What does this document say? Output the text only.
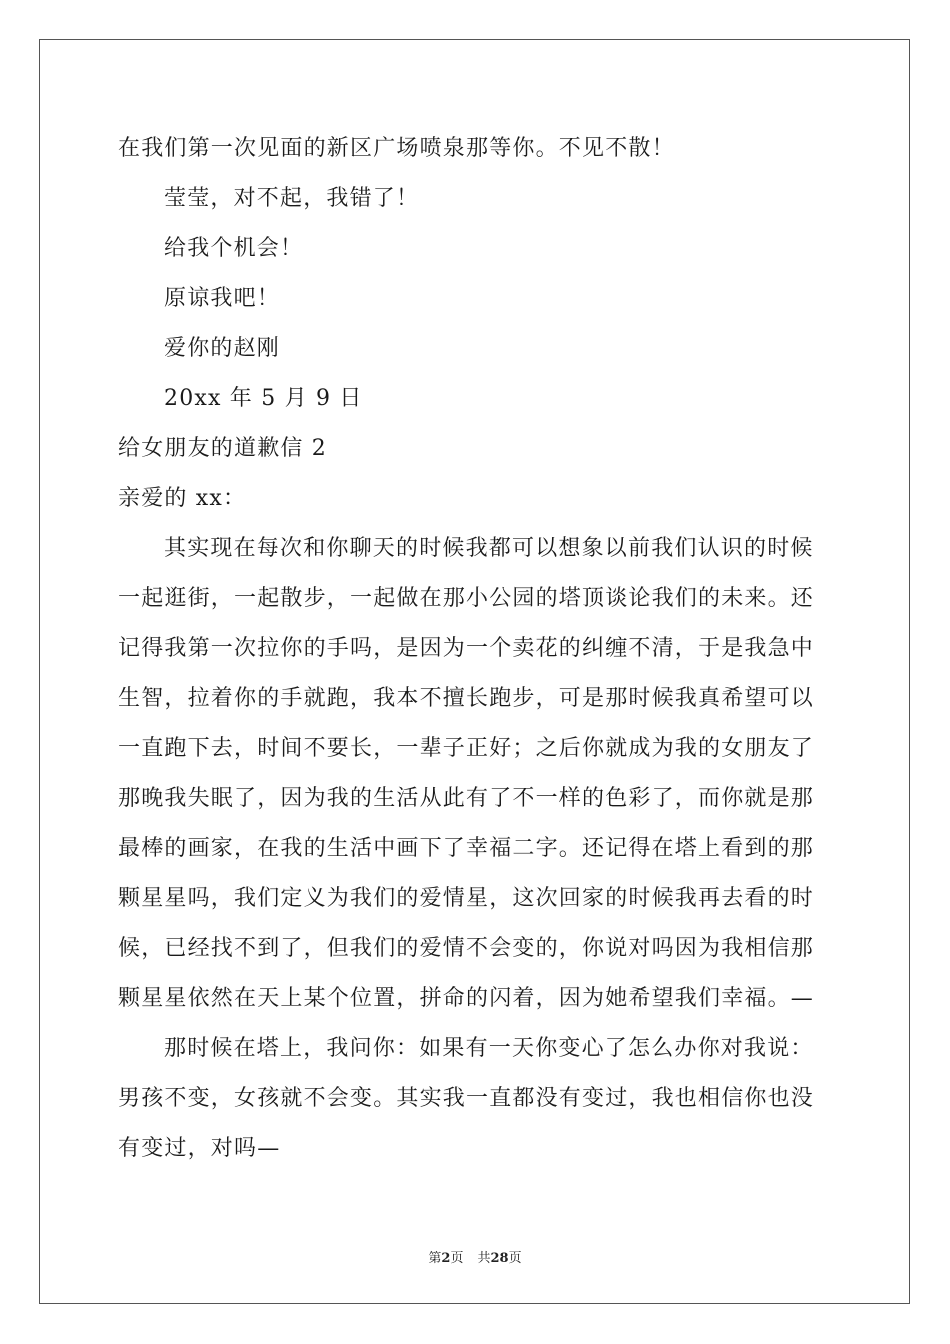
在我们第一次见面的新区广场喷泉那等你。不见不散！
莹莹，对不起，我错了！
给我个机会！
原谅我吧！
爱你的赵刚
20xx 年 5 月 9 日
给女朋友的道歉信 2
亲爱的 xx：
其实现在每次和你聊天的时候我都可以想象以前我们认识的时候
一起逛街，一起散步，一起做在那小公园的塔顶谈论我们的未来。还
记得我第一次拉你的手吗，是因为一个卖花的纠缠不清，于是我急中
生智，拉着你的手就跑，我本不擅长跑步，可是那时候我真希望可以
一直跑下去，时间不要长，一辈子正好；之后你就成为我的女朋友了
那晚我失眠了，因为我的生活从此有了不一样的色彩了，而你就是那
最棒的画家，在我的生活中画下了幸福二字。还记得在塔上看到的那
颗星星吗，我们定义为我们的爱情星，这次回家的时候我再去看的时
候，已经找不到了，但我们的爱情不会变的，你说对吗因为我相信那
颗星星依然在天上某个位置，拼命的闪着，因为她希望我们幸福。—
那时候在塔上，我问你：如果有一天你变心了怎么办你对我说：
男孩不变，女孩就不会变。其实我一直都没有变过，我也相信你也没
有变过，对吗—
第2页 共28页
